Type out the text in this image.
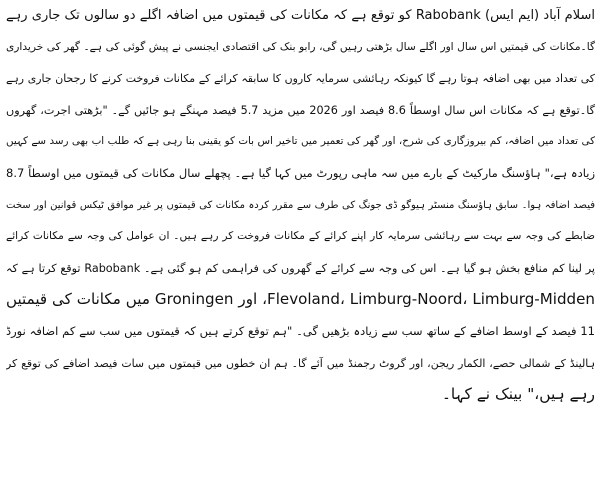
اسلام آباد (ایم ایس) Rabobank کو توقع ہے کہ مکانات کی قیمتوں میں اضافہ اگلے دو سالوں تک جاری رہے
گا۔مکانات کی قیمتیں اس سال اور اگلے سال بڑھتی رہیں گی، رابو بنک کی اقتصادی ایجنسی نے پیش گوئی کی ہے۔ گھر کی خریداری
کی تعداد میں بھی اضافہ ہوتا رہے گا کیونکہ رہائشی سرمایہ کاروں کا سابقہ کرائے کے مکانات فروخت کرنے کا رجحان جاری رہے
گا۔توقع ہے کہ مکانات اس سال اوسطاً 8.6 فیصد اور 2026 میں مزید 5.7 فیصد مہنگے ہو جائیں گے۔ "بڑھتی اجرت، گھروں
کی تعداد میں اضافہ، کم بیروزگاری کی شرح، اور گھر کی تعمیر میں تاخیر اس بات کو یقینی بنا رہی ہے کہ طلب اب بھی رسد سے کہیں
زیادہ ہے،" ہاؤسنگ مارکیٹ کے بارے میں سہ ماہی رپورٹ میں کہا گیا ہے۔ پچھلے سال مکانات کی قیمتوں میں اوسطاً 8.7
فیصد اضافہ ہوا۔ سابق ہاؤسنگ منسٹر ہیوگو ڈی جونگ کی طرف سے مقرر کردہ مکانات کی قیمتوں پر غیر موافق ٹیکس قوانین اور سخت
ضابطے کی وجہ سے بہت سے رہائشی سرمایہ کار اپنے کرائے کے مکانات فروخت کر رہے ہیں۔ ان عوامل کی وجہ سے مکانات کرائے
پر لینا کم منافع بخش ہو گیا ہے۔ اس کی وجہ سے کرائے کے گھروں کی فراہمی کم ہو گئی ہے۔ Rabobank توقع کرتا ہے کہ
Flevoland، Limburg-Noord، Limburg-Midden، اور Groningen میں مکانات کی قیمتیں
11 فیصد کے اوسط اضافے کے ساتھ سب سے زیادہ بڑھیں گی۔ "ہم توقع کرتے ہیں کہ قیمتوں میں سب سے کم اضافہ نورڈ
ہالینڈ کے شمالی حصے، الکمار ریجن، اور گروٹ رجمنڈ میں آئے گا۔ ہم ان خطوں میں قیمتوں میں سات فیصد اضافے کی توقع کر
رہے ہیں،" بینک نے کہا۔
